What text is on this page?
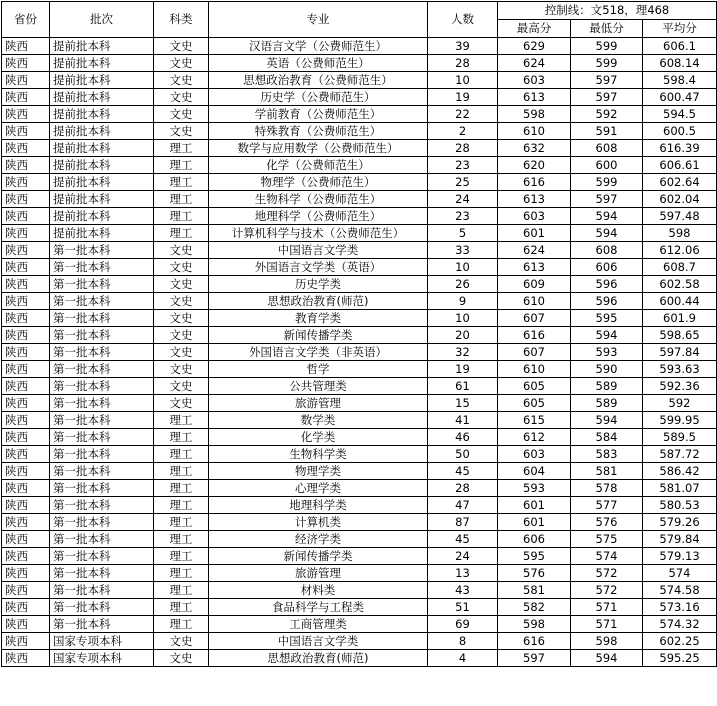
省份	批次	科类	专业	人数	控制线：文518，理468		
					最高分	最低分	平均分
陕西	提前批本科	文史	汉语言文学（公费师范生）	39	629	599	606.1
陕西	提前批本科	文史	英语（公费师范生）	28	624	599	608.14
陕西	提前批本科	文史	思想政治教育（公费师范生）	10	603	597	598.4
陕西	提前批本科	文史	历史学（公费师范生）	19	613	597	600.47
陕西	提前批本科	文史	学前教育（公费师范生）	22	598	592	594.5
陕西	提前批本科	文史	特殊教育（公费师范生）	2	610	591	600.5
陕西	提前批本科	理工	数学与应用数学（公费师范生）	28	632	608	616.39
陕西	提前批本科	理工	化学（公费师范生）	23	620	600	606.61
陕西	提前批本科	理工	物理学（公费师范生）	25	616	599	602.64
陕西	提前批本科	理工	生物科学（公费师范生）	24	613	597	602.04
陕西	提前批本科	理工	地理科学（公费师范生）	23	603	594	597.48
陕西	提前批本科	理工	计算机科学与技术（公费师范生）	5	601	594	598
陕西	第一批本科	文史	中国语言文学类	33	624	608	612.06
陕西	第一批本科	文史	外国语言文学类（英语）	10	613	606	608.7
陕西	第一批本科	文史	历史学类	26	609	596	602.58
陕西	第一批本科	文史	思想政治教育(师范)	9	610	596	600.44
陕西	第一批本科	文史	教育学类	10	607	595	601.9
陕西	第一批本科	文史	新闻传播学类	20	616	594	598.65
陕西	第一批本科	文史	外国语言文学类（非英语）	32	607	593	597.84
陕西	第一批本科	文史	哲学	19	610	590	593.63
陕西	第一批本科	文史	公共管理类	61	605	589	592.36
陕西	第一批本科	文史	旅游管理	15	605	589	592
陕西	第一批本科	理工	数学类	41	615	594	599.95
陕西	第一批本科	理工	化学类	46	612	584	589.5
陕西	第一批本科	理工	生物科学类	50	603	583	587.72
陕西	第一批本科	理工	物理学类	45	604	581	586.42
陕西	第一批本科	理工	心理学类	28	593	578	581.07
陕西	第一批本科	理工	地理科学类	47	601	577	580.53
陕西	第一批本科	理工	计算机类	87	601	576	579.26
陕西	第一批本科	理工	经济学类	45	606	575	579.84
陕西	第一批本科	理工	新闻传播学类	24	595	574	579.13
陕西	第一批本科	理工	旅游管理	13	576	572	574
陕西	第一批本科	理工	材料类	43	581	572	574.58
陕西	第一批本科	理工	食品科学与工程类	51	582	571	573.16
陕西	第一批本科	理工	工商管理类	69	598	571	574.32
陕西	国家专项本科	文史	中国语言文学类	8	616	598	602.25
陕西	国家专项本科	文史	思想政治教育(师范)	4	597	594	595.25
